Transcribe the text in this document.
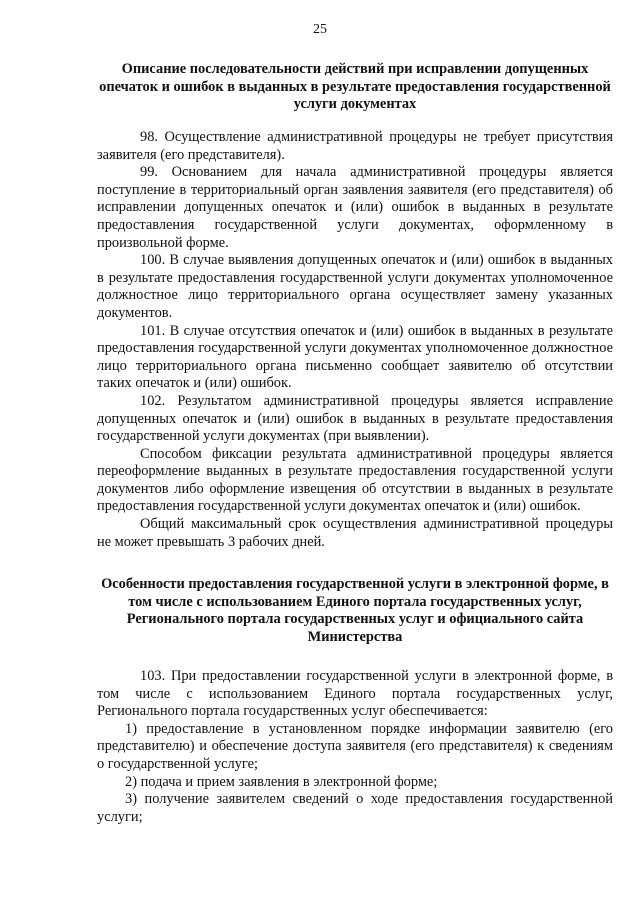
25

Описание последовательности действий при исправлении допущенных опечаток и ошибок в выданных в результате предоставления государственной услуги документах

98. Осуществление административной процедуры не требует присутствия заявителя (его представителя).

99. Основанием для начала административной процедуры является поступление в территориальный орган заявления заявителя (его представителя) об исправлении допущенных опечаток и (или) ошибок в выданных в результате предоставления государственной услуги документах, оформленному в произвольной форме.

100. В случае выявления допущенных опечаток и (или) ошибок в выданных в результате предоставления государственной услуги документах уполномоченное должностное лицо территориального органа осуществляет замену указанных документов.

101. В случае отсутствия опечаток и (или) ошибок в выданных в результате предоставления государственной услуги документах уполномоченное должностное лицо территориального органа письменно сообщает заявителю об отсутствии таких опечаток и (или) ошибок.

102. Результатом административной процедуры является исправление допущенных опечаток и (или) ошибок в выданных в результате предоставления государственной услуги документах (при выявлении).

Способом фиксации результата административной процедуры является переоформление выданных в результате предоставления государственной услуги документов либо оформление извещения об отсутствии в выданных в результате предоставления государственной услуги документах опечаток и (или) ошибок.

Общий максимальный срок осуществления административной процедуры не может превышать 3 рабочих дней.

Особенности предоставления государственной услуги в электронной форме, в том числе с использованием Единого портала государственных услуг, Регионального портала государственных услуг и официального сайта Министерства

103. При предоставлении государственной услуги в электронной форме, в том числе с использованием Единого портала государственных услуг, Регионального портала государственных услуг обеспечивается:

1) предоставление в установленном порядке информации заявителю (его представителю) и обеспечение доступа заявителя (его представителя) к сведениям о государственной услуге;

2) подача и прием заявления в электронной форме;

3) получение заявителем сведений о ходе предоставления государственной услуги;
